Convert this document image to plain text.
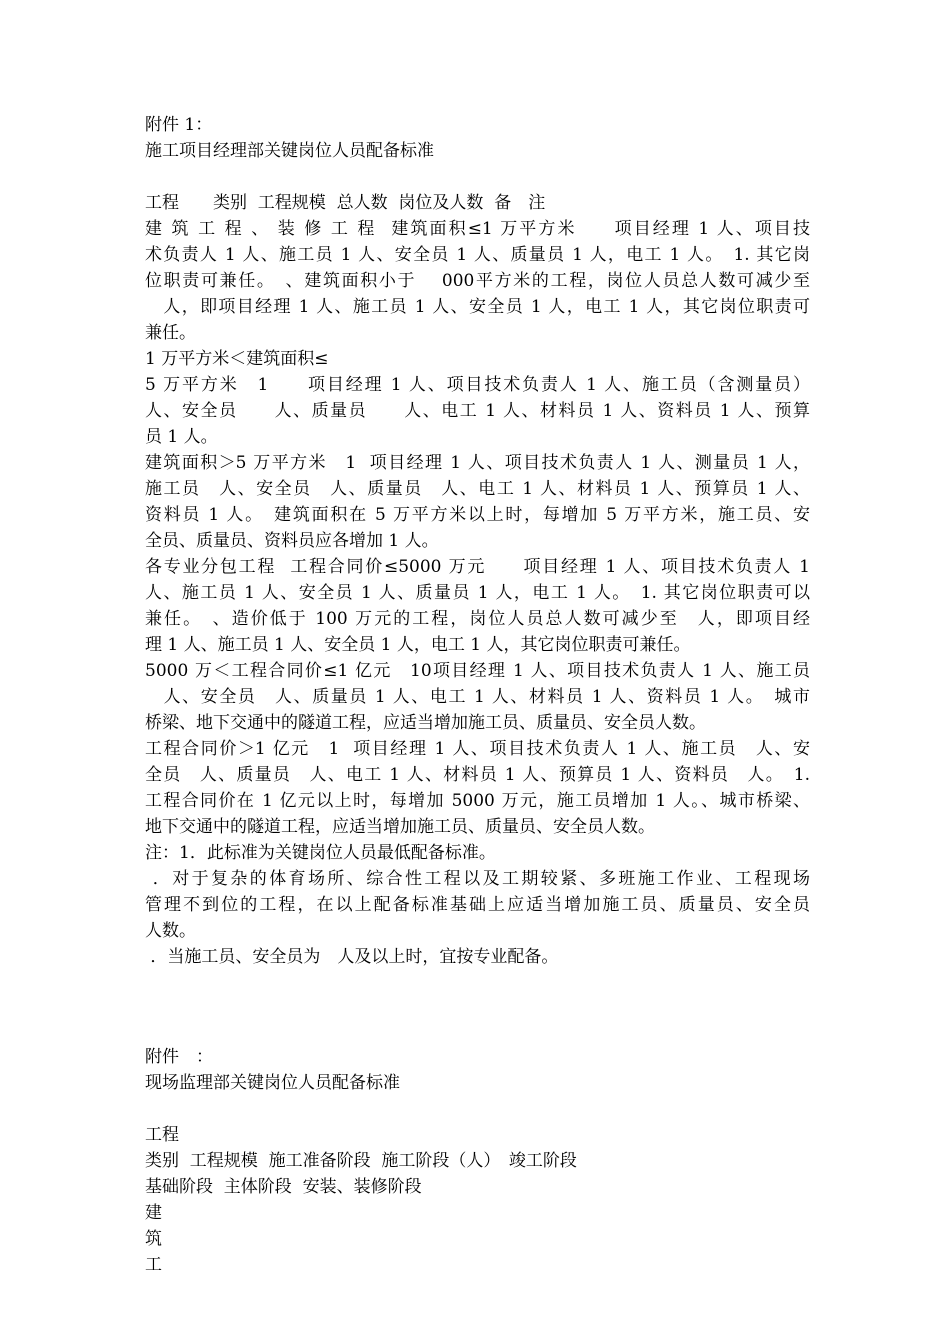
附件 1：
施工项目经理部关键岗位人员配备标准
工程　　类别  工程规模  总人数  岗位及人数  备　注
建 筑 工 程 、 装 修 工 程  建筑面积≤1 万平方米　　项目经理 1 人、项目技
术负责人 1 人、施工员 1 人、安全员 1 人、质量员 1 人，电工 1 人。　1. 其它岗
位职责可兼任。　、建筑面积小于　 000平方米的工程，岗位人员总人数可减少至
　人，即项目经理 1 人、施工员 1 人、安全员 1 人，电工 1 人，其它岗位职责可
兼任。
1 万平方米＜建筑面积≤
5 万平方米　1　　项目经理 1 人、项目技术负责人 1 人、施工员（含测量员）
人、安全员　　人、质量员　　人、电工 1 人、材料员 1 人、资料员 1 人、预算
员 1 人。
建筑面积＞5 万平方米　1  项目经理 1 人、项目技术负责人 1 人、测量员 1 人，
施工员　人、安全员　人、质量员　人、电工 1 人、材料员 1 人、预算员 1 人、
资料员 1 人。　建筑面积在 5 万平方米以上时，每增加 5 万平方米，施工员、安
全员、质量员、资料员应各增加 1 人。
各专业分包工程  工程合同价≤5000 万元　　项目经理 1 人、项目技术负责人 1
人、施工员 1 人、安全员 1 人、质量员 1 人，电工 1 人。　1. 其它岗位职责可以
兼任。　、造价低于 100 万元的工程，岗位人员总人数可减少至　人，即项目经
理 1 人、施工员 1 人、安全员 1 人，电工 1 人，其它岗位职责可兼任。
5000 万＜工程合同价≤1 亿元　10项目经理 1 人、项目技术负责人 1 人、施工员
　人、安全员　人、质量员 1 人、电工 1 人、材料员 1 人、资料员 1 人。　城市
桥梁、地下交通中的隧道工程，应适当增加施工员、质量员、安全员人数。
工程合同价＞1 亿元　1  项目经理 1 人、项目技术负责人 1 人、施工员　人、安
全员　人、质量员　人、电工 1 人、材料员 1 人、预算员 1 人、资料员　人。　1.
工程合同价在 1 亿元以上时，每增加 5000 万元，施工员增加 1 人。、城市桥梁、
地下交通中的隧道工程，应适当增加施工员、质量员、安全员人数。
注：1．此标准为关键岗位人员最低配备标准。
．对于复杂的体育场所、综合性工程以及工期较紧、多班施工作业、工程现场
管理不到位的工程，在以上配备标准基础上应适当增加施工员、质量员、安全员
人数。
．当施工员、安全员为　人及以上时，宜按专业配备。
附件　：
现场监理部关键岗位人员配备标准
工程
类别  工程规模  施工准备阶段  施工阶段（人）　竣工阶段
基础阶段  主体阶段  安装、装修阶段
建
筑
工
